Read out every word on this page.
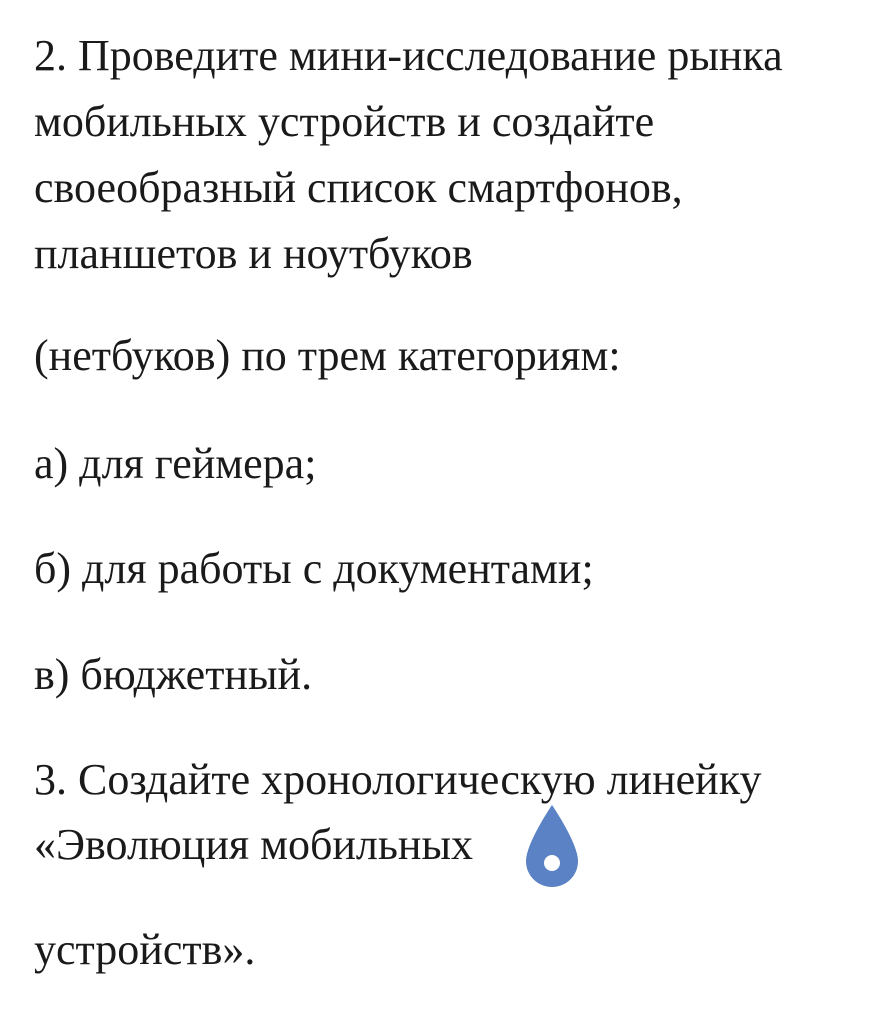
2. Проведите мини-исследование рынка

мобильных устройств и создайте

своеобразный список смартфонов,

планшетов и ноутбуков

(нетбуков) по трем категориям:

а) для геймера;

б) для работы с документами;

в) бюджетный.

3. Создайте хронологическую линейку

«Эволюция мобильных

устройств».
